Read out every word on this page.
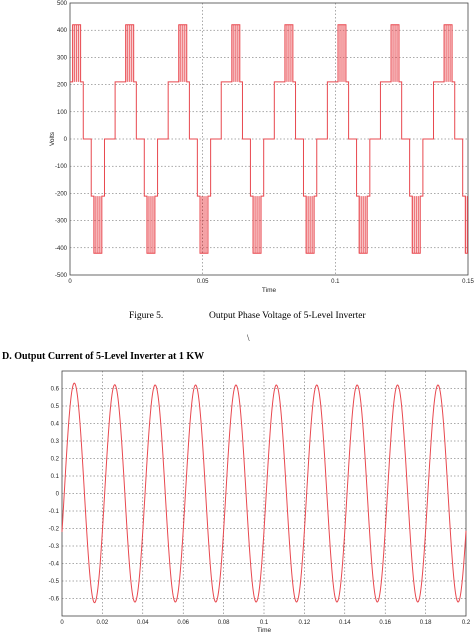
0	0.05	0.1	0.15
500
400
300
200
100
0
-100
-200
-300
-400
-500
Time
Volts
Figure 5.	Output Phase Voltage of 5-Level Inverter
\
D. Output Current of 5-Level Inverter at 1 KW
0	0.02	0.04	0.06	0.08	0.1	0.12	0.14	0.16	0.18	0.2
0.6
0.5
0.4
0.3
0.2
0.1
0
-0.1
-0.2
-0.3
-0.4
-0.5
-0.6
Time
